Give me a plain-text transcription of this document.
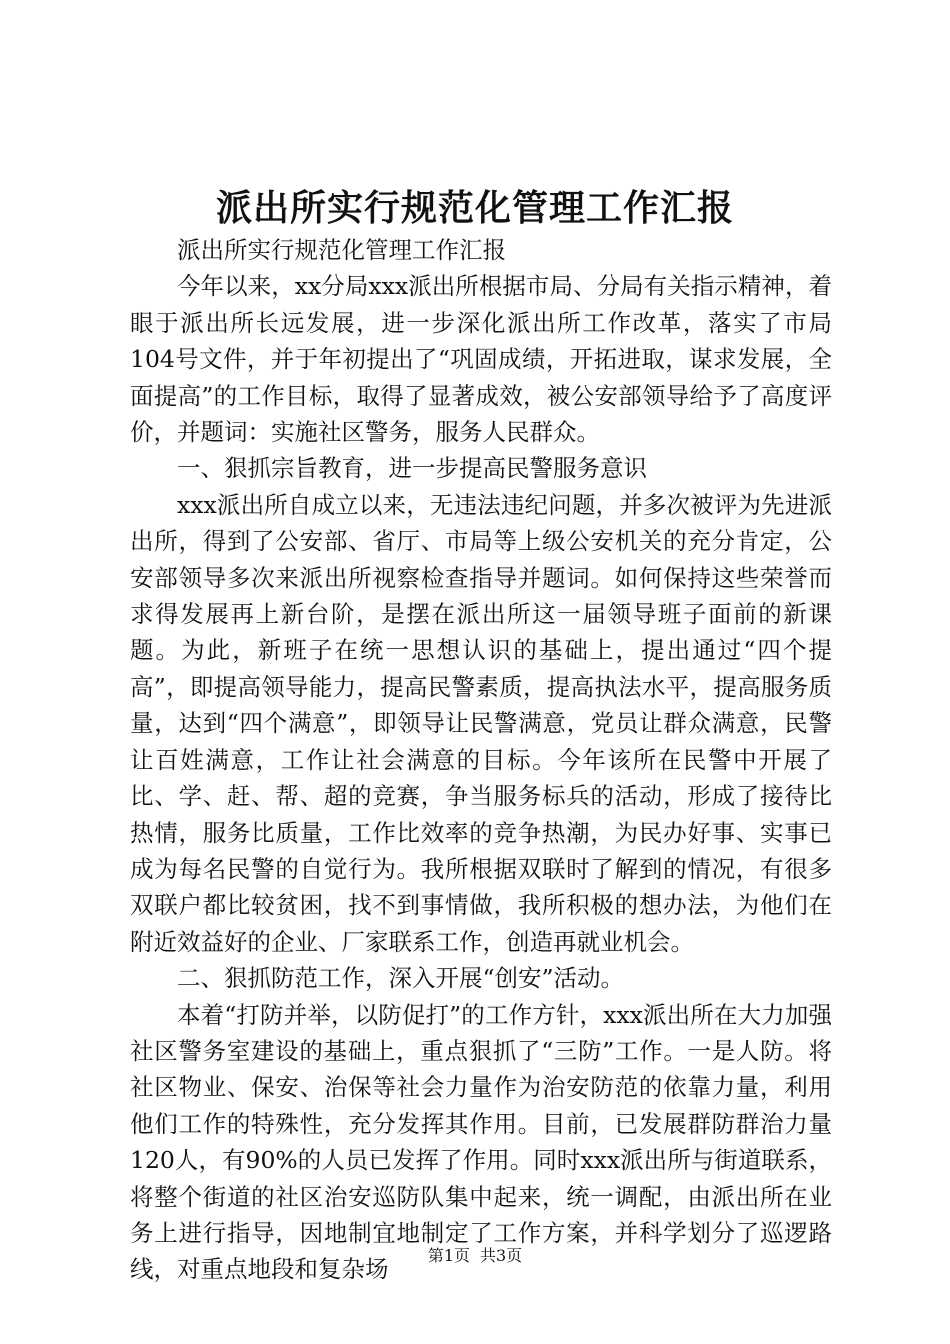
派出所实行规范化管理工作汇报

派出所实行规范化管理工作汇报

今年以来，xx分局xxx派出所根据市局、分局有关指示精神，着眼于派出所长远发展，进一步深化派出所工作改革，落实了市局104号文件，并于年初提出了“巩固成绩，开拓进取，谋求发展，全面提高”的工作目标，取得了显著成效，被公安部领导给予了高度评价，并题词：实施社区警务，服务人民群众。

一、狠抓宗旨教育，进一步提高民警服务意识

xxx派出所自成立以来，无违法违纪问题，并多次被评为先进派出所，得到了公安部、省厅、市局等上级公安机关的充分肯定，公安部领导多次来派出所视察检查指导并题词。如何保持这些荣誉而求得发展再上新台阶，是摆在派出所这一届领导班子面前的新课题。为此，新班子在统一思想认识的基础上，提出通过“四个提高”，即提高领导能力，提高民警素质，提高执法水平，提高服务质量，达到“四个满意”，即领导让民警满意，党员让群众满意，民警让百姓满意，工作让社会满意的目标。今年该所在民警中开展了比、学、赶、帮、超的竞赛，争当服务标兵的活动，形成了接待比热情，服务比质量，工作比效率的竞争热潮，为民办好事、实事已成为每名民警的自觉行为。我所根据双联时了解到的情况，有很多双联户都比较贫困，找不到事情做，我所积极的想办法，为他们在附近效益好的企业、厂家联系工作，创造再就业机会。

二、狠抓防范工作，深入开展“创安”活动。

本着“打防并举，以防促打”的工作方针，xxx派出所在大力加强社区警务室建设的基础上，重点狠抓了“三防”工作。一是人防。将社区物业、保安、治保等社会力量作为治安防范的依靠力量，利用他们工作的特殊性，充分发挥其作用。目前，已发展群防群治力量120人，有90%的人员已发挥了作用。同时xxx派出所与街道联系，将整个街道的社区治安巡防队集中起来，统一调配，由派出所在业务上进行指导，因地制宜地制定了工作方案，并科学划分了巡逻路线，对重点地段和复杂场	第1页 共3页
